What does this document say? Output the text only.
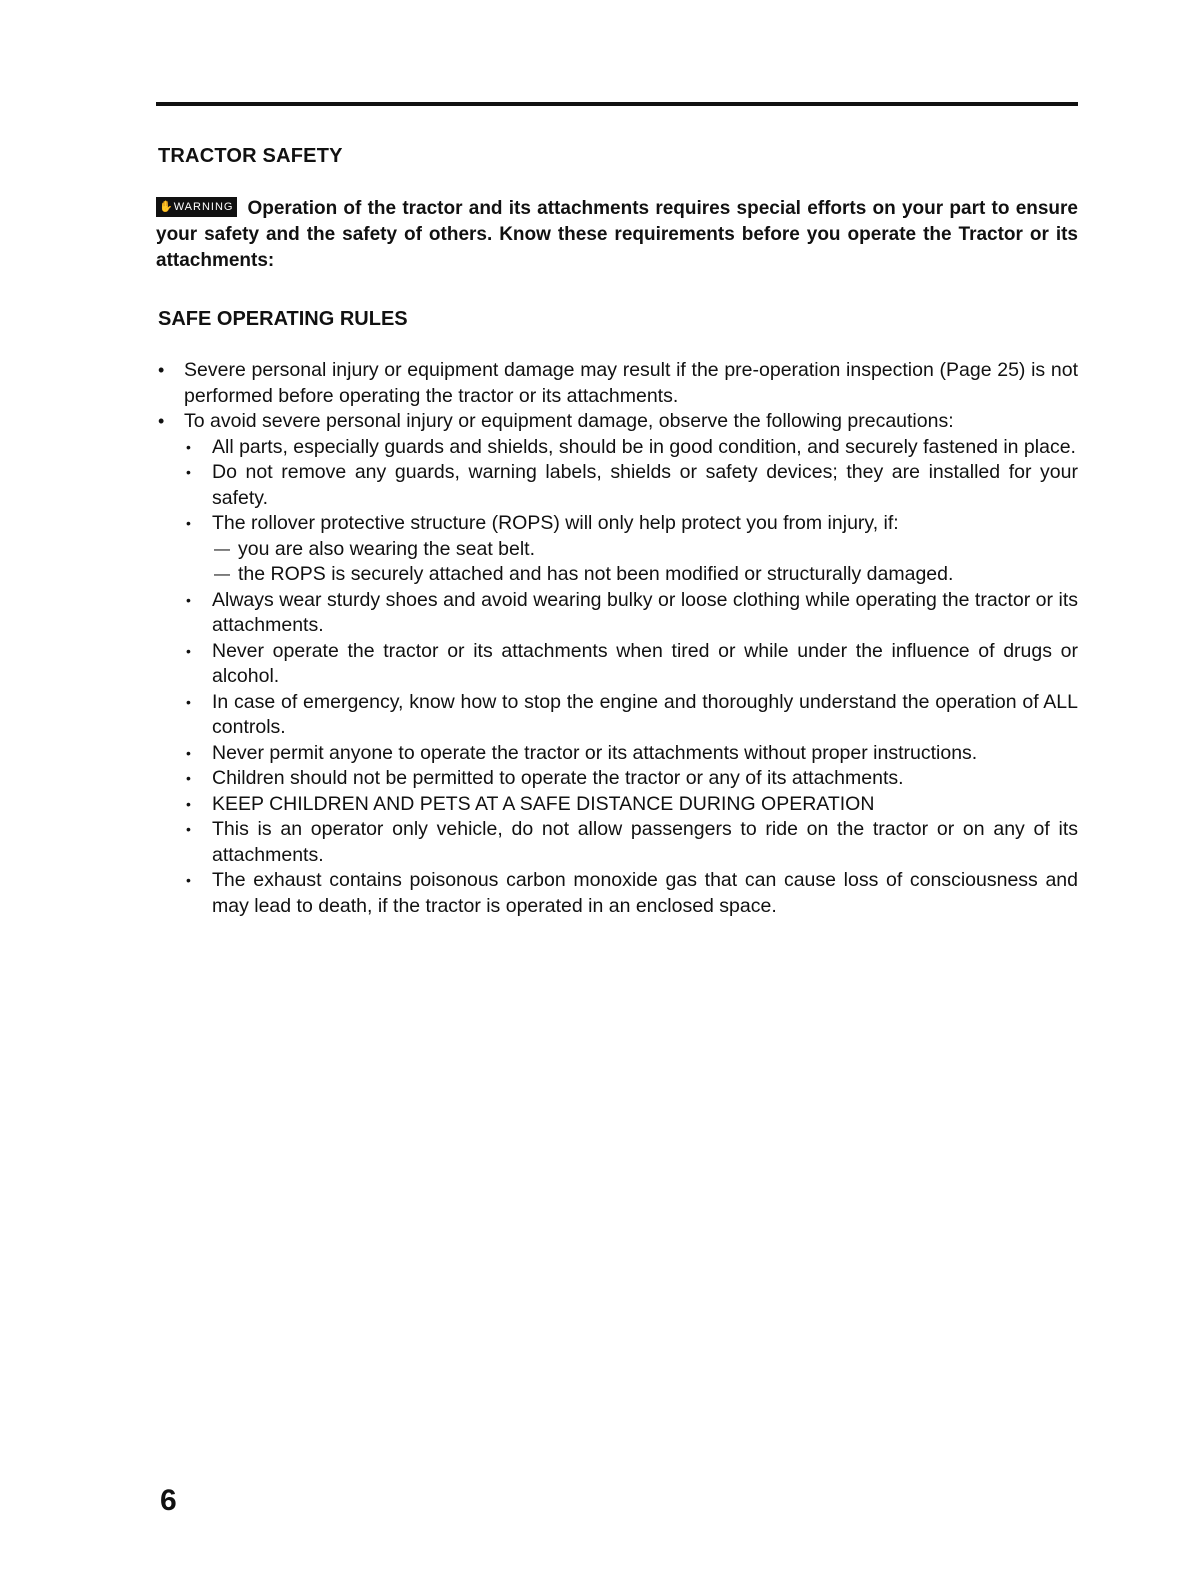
TRACTOR SAFETY
✋WARNING Operation of the tractor and its attachments requires special efforts on your part to ensure your safety and the safety of others. Know these requirements before you operate the Tractor or its attachments:
SAFE OPERATING RULES
• Severe personal injury or equipment damage may result if the pre-operation inspection (Page 25) is not performed before operating the tractor or its attachments.
• To avoid severe personal injury or equipment damage, observe the following precautions:
• All parts, especially guards and shields, should be in good condition, and securely fastened in place.
• Do not remove any guards, warning labels, shields or safety devices; they are installed for your safety.
• The rollover protective structure (ROPS) will only help protect you from injury, if:
— you are also wearing the seat belt.
— the ROPS is securely attached and has not been modified or structurally damaged.
• Always wear sturdy shoes and avoid wearing bulky or loose clothing while operating the tractor or its attachments.
• Never operate the tractor or its attachments when tired or while under the influence of drugs or alcohol.
• In case of emergency, know how to stop the engine and thoroughly understand the operation of ALL controls.
• Never permit anyone to operate the tractor or its attachments without proper instructions.
• Children should not be permitted to operate the tractor or any of its attachments.
• KEEP CHILDREN AND PETS AT A SAFE DISTANCE DURING OPERATION
• This is an operator only vehicle, do not allow passengers to ride on the tractor or on any of its attachments.
• The exhaust contains poisonous carbon monoxide gas that can cause loss of consciousness and may lead to death, if the tractor is operated in an enclosed space.
6
